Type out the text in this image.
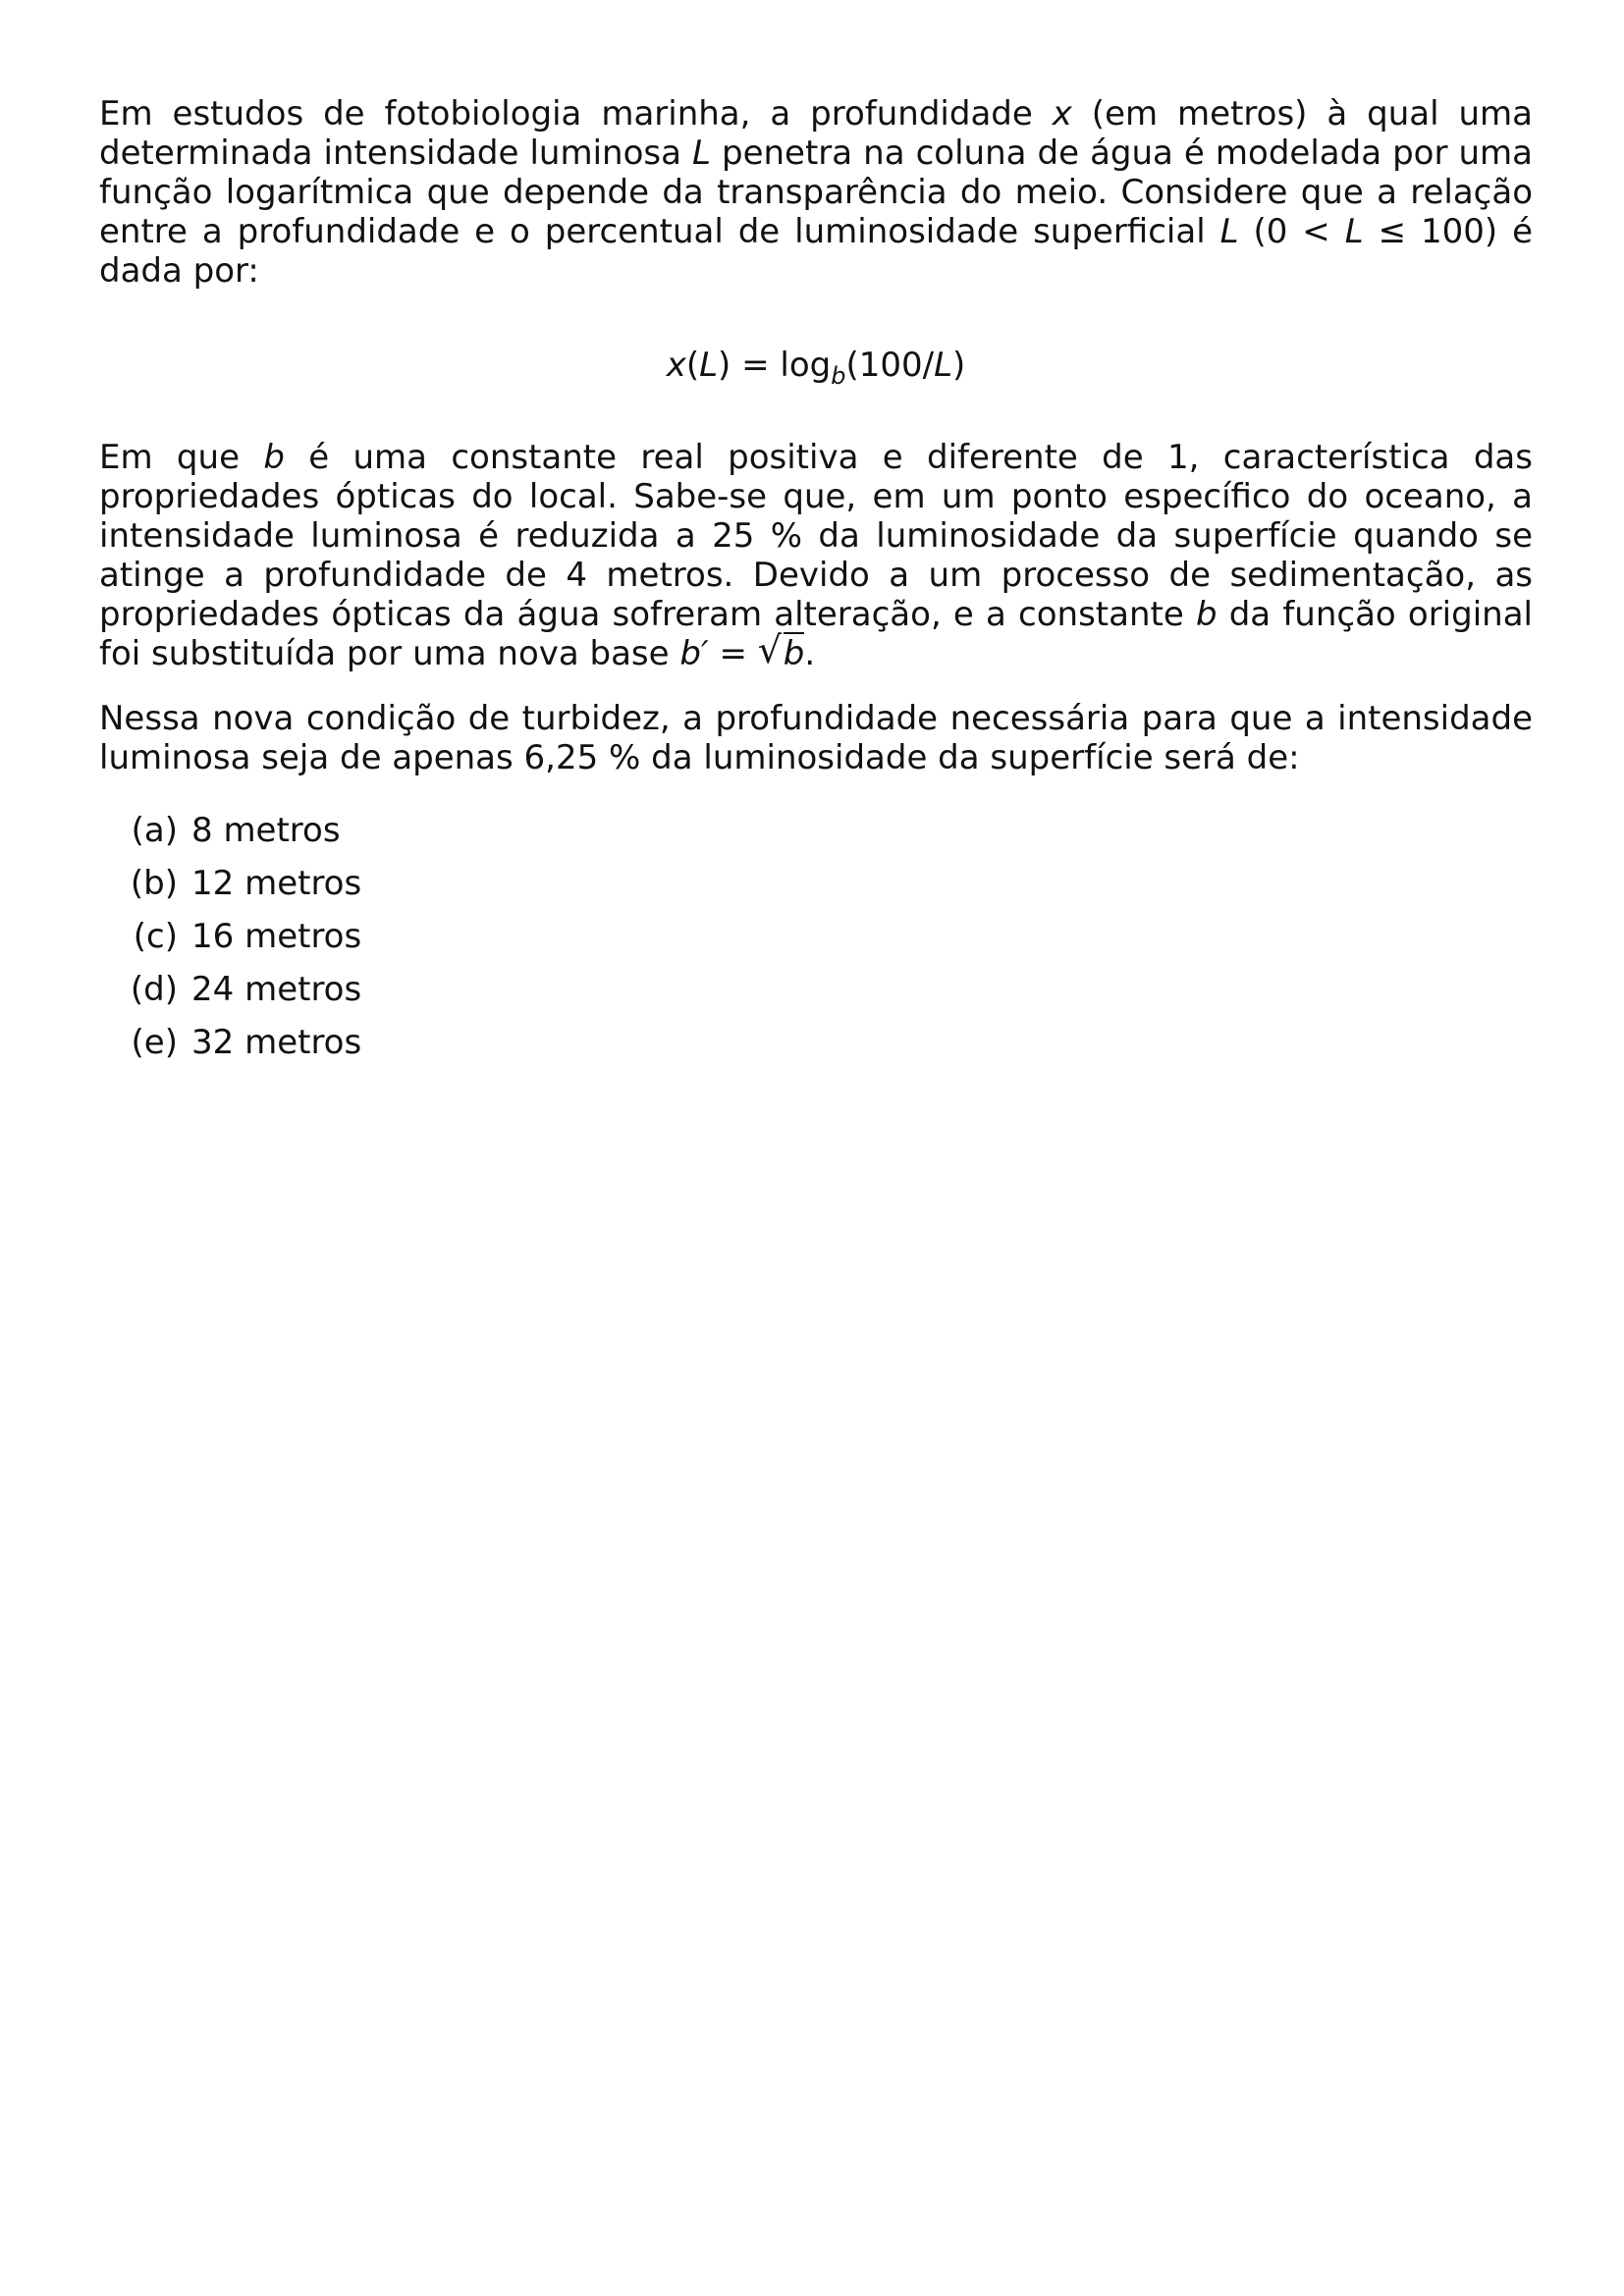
Em estudos de fotobiologia marinha, a profundidade x (em metros) à qual uma determinada intensidade luminosa L penetra na coluna de água é modelada por uma função logarítmica que depende da transparência do meio. Considere que a relação entre a profundidade e o percentual de luminosidade superficial L (0 < L ≤ 100) é dada por:

$x(L) = \log_b(100/L)$

Em que b é uma constante real positiva e diferente de 1, característica das propriedades ópticas do local. Sabe-se que, em um ponto específico do oceano, a intensidade luminosa é reduzida a 25 % da luminosidade da superfície quando se atinge a profundidade de 4 metros. Devido a um processo de sedimentação, as propriedades ópticas da água sofreram alteração, e a constante b da função original foi substituída por uma nova base b′ = √ b.

Nessa nova condição de turbidez, a profundidade necessária para que a intensidade luminosa seja de apenas 6,25 % da luminosidade da superfície será de:

(a) 8 metros
(b) 12 metros
(c) 16 metros
(d) 24 metros
(e) 32 metros
